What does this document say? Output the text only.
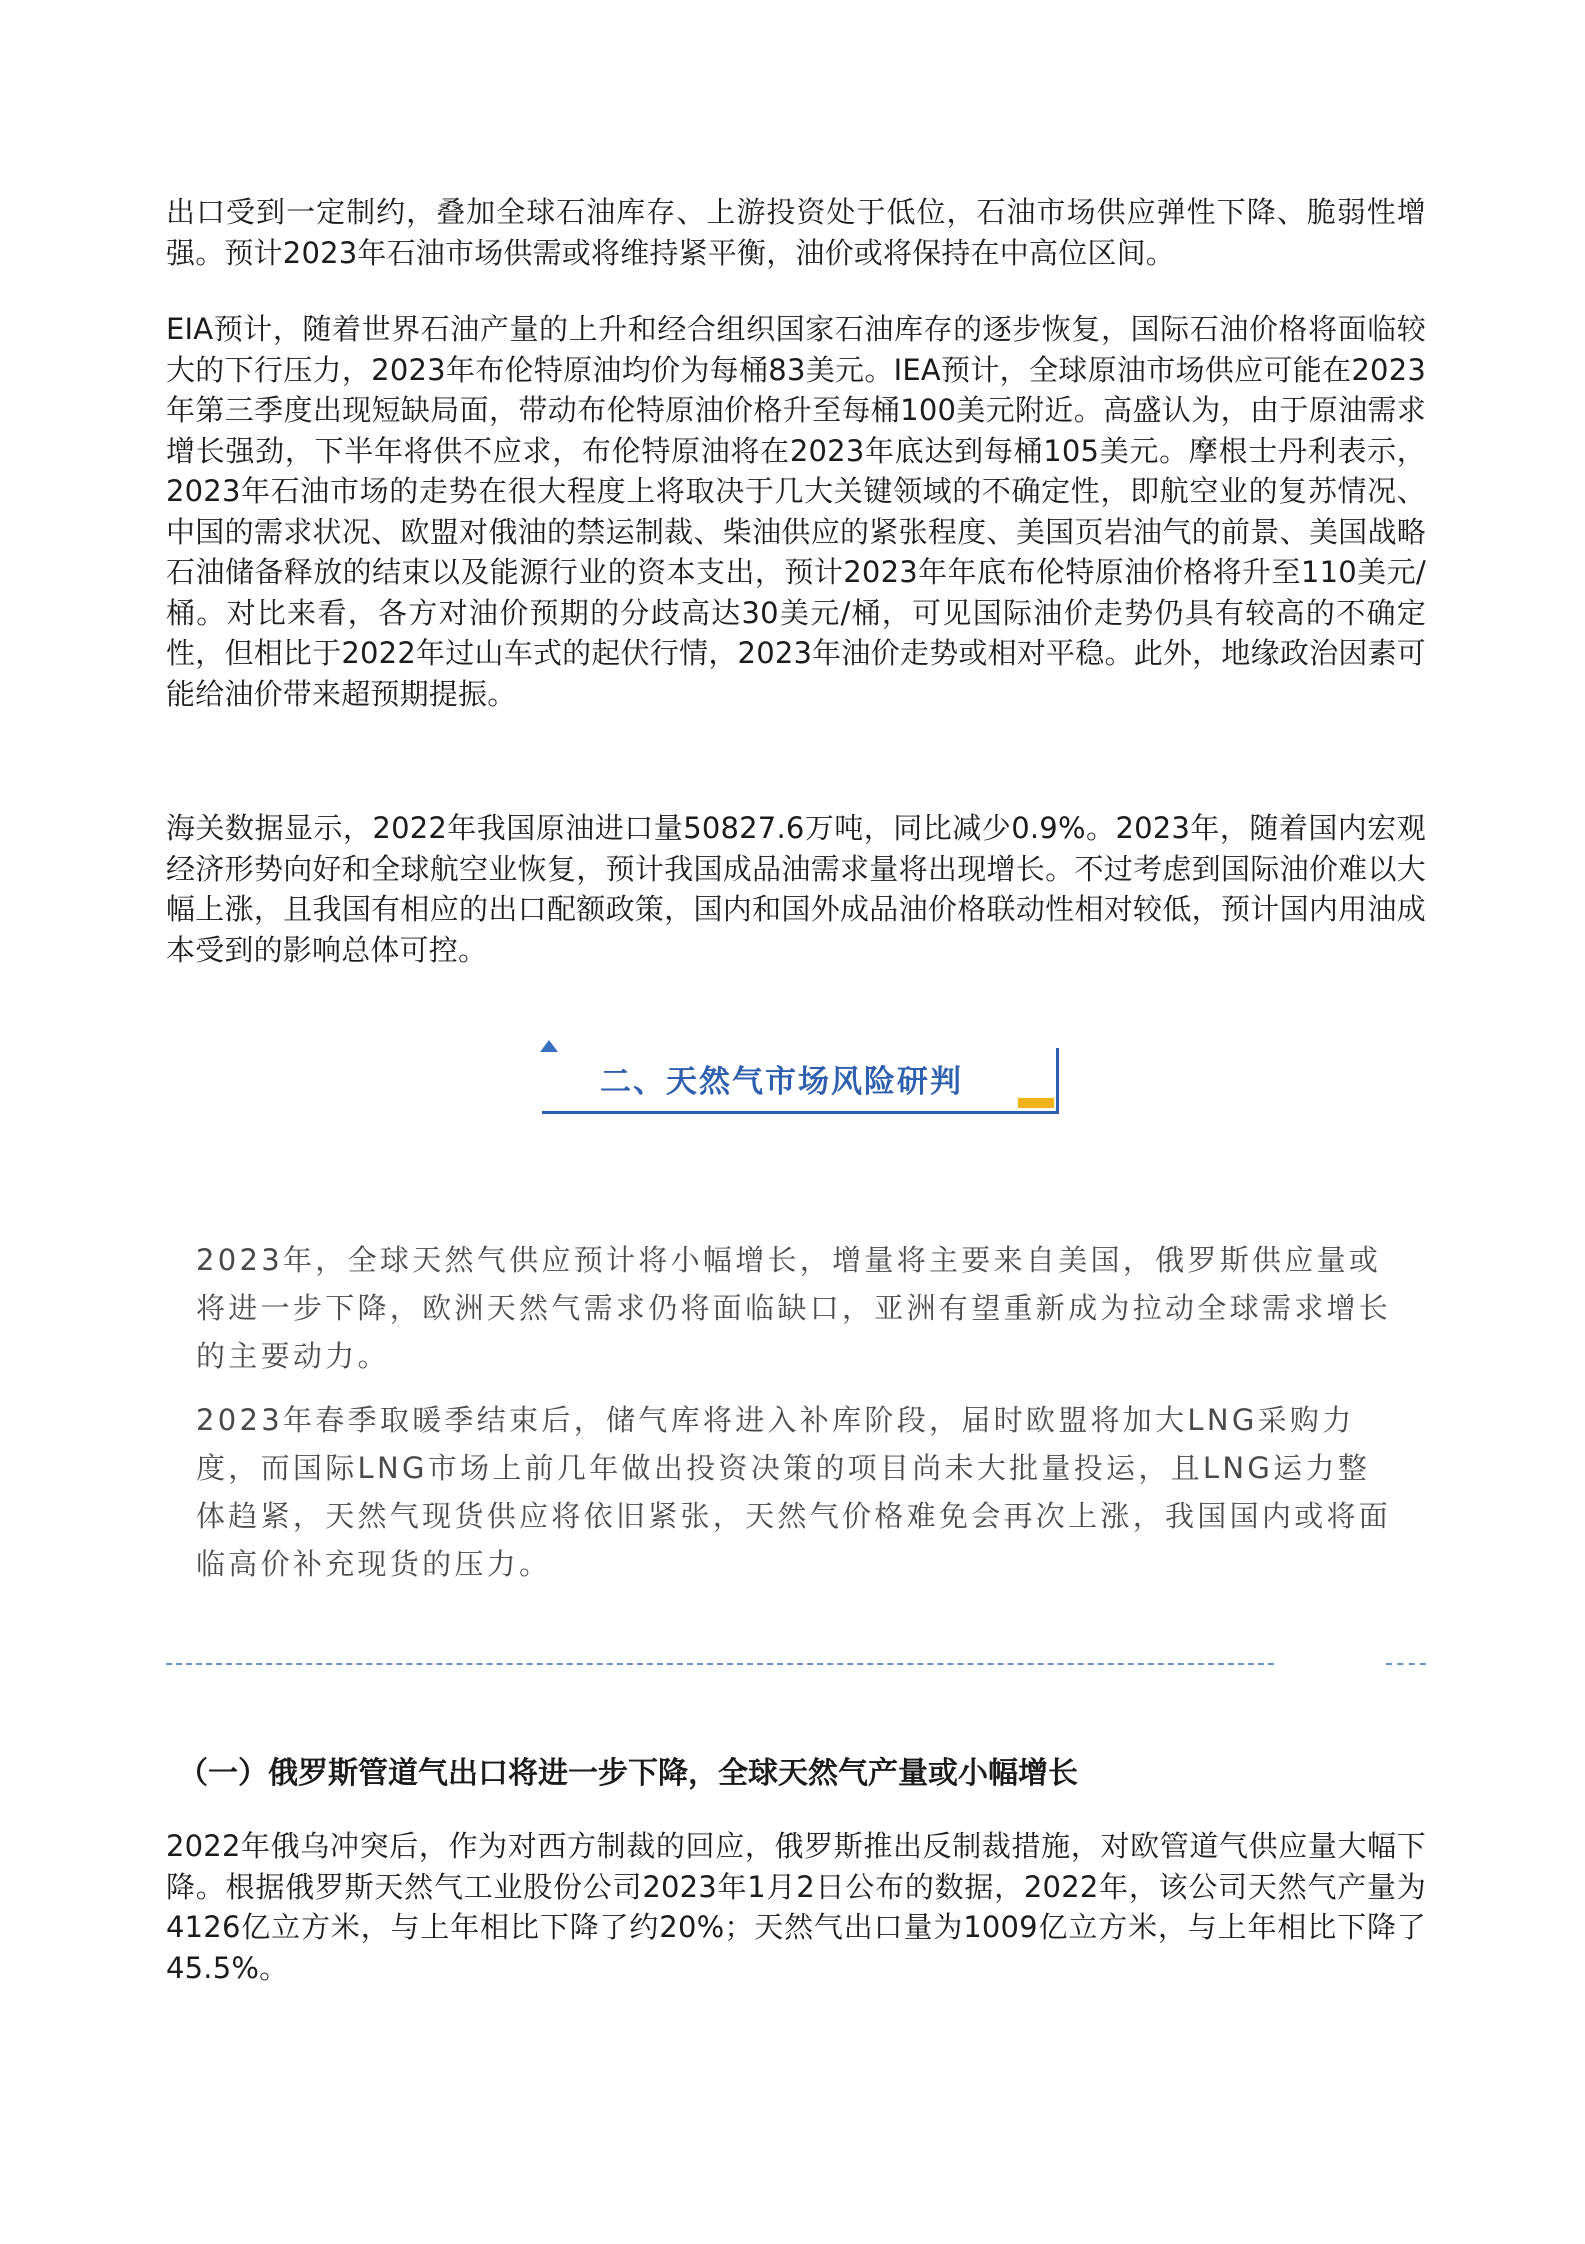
出口受到一定制约，叠加全球石油库存、上游投资处于低位，石油市场供应弹性下降、脆弱性增强。预计2023年石油市场供需或将维持紧平衡，油价或将保持在中高位区间。

EIA预计，随着世界石油产量的上升和经合组织国家石油库存的逐步恢复，国际石油价格将面临较大的下行压力，2023年布伦特原油均价为每桶83美元。IEA预计，全球原油市场供应可能在2023年第三季度出现短缺局面，带动布伦特原油价格升至每桶100美元附近。高盛认为，由于原油需求增长强劲，下半年将供不应求，布伦特原油将在2023年底达到每桶105美元。摩根士丹利表示，2023年石油市场的走势在很大程度上将取决于几大关键领域的不确定性，即航空业的复苏情况、中国的需求状况、欧盟对俄油的禁运制裁、柴油供应的紧张程度、美国页岩油气的前景、美国战略石油储备释放的结束以及能源行业的资本支出，预计2023年年底布伦特原油价格将升至110美元/桶。对比来看，各方对油价预期的分歧高达30美元/桶，可见国际油价走势仍具有较高的不确定性，但相比于2022年过山车式的起伏行情，2023年油价走势或相对平稳。此外，地缘政治因素可能给油价带来超预期提振。

海关数据显示，2022年我国原油进口量50827.6万吨，同比减少0.9%。2023年，随着国内宏观经济形势向好和全球航空业恢复，预计我国成品油需求量将出现增长。不过考虑到国际油价难以大幅上涨，且我国有相应的出口配额政策，国内和国外成品油价格联动性相对较低，预计国内用油成本受到的影响总体可控。

二、天然气市场风险研判

2023年，全球天然气供应预计将小幅增长，增量将主要来自美国，俄罗斯供应量或将进一步下降，欧洲天然气需求仍将面临缺口，亚洲有望重新成为拉动全球需求增长的主要动力。

2023年春季取暖季结束后，储气库将进入补库阶段，届时欧盟将加大LNG采购力度，而国际LNG市场上前几年做出投资决策的项目尚未大批量投运，且LNG运力整体趋紧，天然气现货供应将依旧紧张，天然气价格难免会再次上涨，我国国内或将面临高价补充现货的压力。

（一）俄罗斯管道气出口将进一步下降，全球天然气产量或小幅增长

2022年俄乌冲突后，作为对西方制裁的回应，俄罗斯推出反制裁措施，对欧管道气供应量大幅下降。根据俄罗斯天然气工业股份公司2023年1月2日公布的数据，2022年，该公司天然气产量为4126亿立方米，与上年相比下降了约20%；天然气出口量为1009亿立方米，与上年相比下降了45.5%。
